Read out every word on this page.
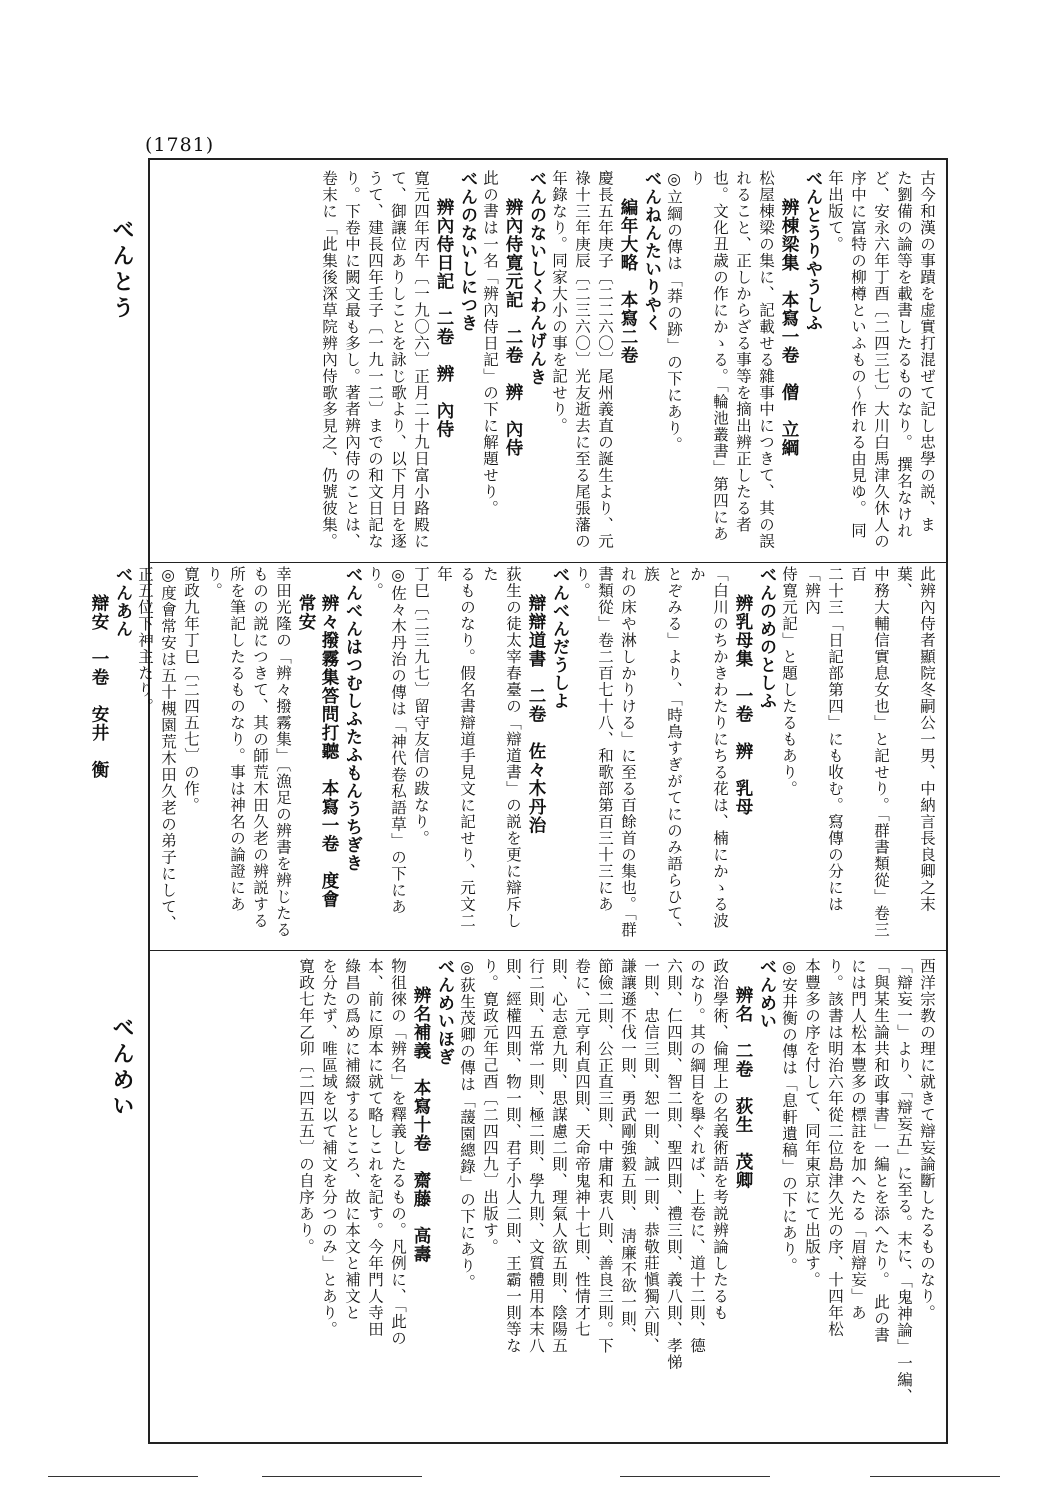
(1781)
べんとう
べんめい

古今和漢の事蹟を虚實打混ぜて記し忠學の説、ま

た劉備の論等を載書したるものなり。 撰名なけれ

ど、安永六年丁酉〔二四三七〕大川白馬津久休人の

序中に富特の柳樽といふもの〜作れる由見ゆ。 同

年出版て。

べんとうりやうしふ

辨棟梁集　本寫一卷　僧　立綱

松屋棟梁の集に、記載せる雜事中につきて、其の誤

れること、正しからざる事等を摘出辨正したる者

也。文化丑歳の作にかゝる。「輪池叢書」第四にあり

◎立綱の傳は「莽の跡」の下にあり。

べんねんたいりやく

編年大略　本寫二卷

慶長五年庚子〔二二六〇〕尾州義直の誕生より、元

祿十三年庚辰〔二三六〇〕光友逝去に至る尾張藩の

年錄なり。同家大小の事を記せり。

べんのないしくわんげんき

辨內侍寛元記　二卷　辨　內侍

此の書は一名「辨內侍日記」の下に解題せり。

べんのないしにつき

辨內侍日記　二卷　辨　內侍

寛元四年丙午〔一九〇六〕正月二十九日富小路殿に

て、御讓位ありしことを詠じ歌より、以下月日を逐

うて、建長四年壬子〔一九一二〕までの和文日記な

り。下卷中に闕文最も多し。著者辨內侍のことは、

卷末に「此集後深草院辨內侍歌多見之、仍號彼集。

此辨內侍者顯院冬嗣公一男、中納言長良卿之末葉、

中務大輔信實息女也」と記せり。「群書類從」卷三百

二十三「日記部第四」にも收む。寫傳の分には「辨內

侍寛元記」と題したるもあり。

べんのめのとしふ

辨乳母集　一卷　辨　乳母

「白川のちかきわたりにちる花は、楠にかゝる波か

とぞみる」より、「時鳥すぎがてにのみ語らひて、族

れの床や淋しかりける」に至る百餘首の集也。「群

書類從」卷二百七十八、和歌部第百三十三にあり。

べんべんだうしよ

辯辯道書　二卷　佐々木丹治

荻生の徒太宰春臺の「辯道書」の説を更に辯斥した

るものなり。假名書辯道手見文に記せり、元文二年

丁巳〔二三九七〕留守友信の跋なり。

◎佐々木丹治の傳は「神代卷私語草」の下にあり。

べんべんはつむしふたふもんうちぎき

辨々撥霧集答問打聽　本寫一卷　度會　常安

幸田光隆の「辨々撥霧集」〔漁足の辨書を辨じたる

ものの説につきて、其の師荒木田久老の辨説する

所を筆記したるものなり。事は神名の論證にあり。

寛政九年丁巳〔二四五七〕の作。

◎度會常安は五十槻園荒木田久老の弟子にして、

正五位下神主たり。

べんあん

辯安　一卷　安井　衡

西洋宗教の理に就きて辯妄論斷したるものなり。

「辯妄一」より、「辯妄五」に至る。末に、「鬼神論」一編、

「與某生論共和政事書」一編とを添へたり。 此の書

には門人松本豐多の標註を加へたる「眉辯妄」あ

り。該書は明治六年從二位島津久光の序、十四年松

本豐多の序を付して、同年東京にて出版す。

◎安井衡の傳は「息軒遺稿」の下にあり。

べんめい

辨名　二卷　荻生　茂卿

政治學術、倫理上の名義術語を考説辨論したるも

のなり。其の綱目を擧ぐれば、上卷に、道十二則、德

六則、仁四則、智二則、聖四則、禮三則、義八則、孝悌

一則、忠信三則、恕一則、誠一則、恭敬莊愼獨六則、

謙讓遜不伐一則、勇武剛強毅五則、 淸廉不欲一則、

節儉二則、公正直三則、中庸和衷八則、善良三則。下

卷に、元亨利貞四則、天命帝鬼神十七則、性情才七

則、心志意九則、思謀慮二則、理氣人欲五則、陰陽五

行二則、五常一則、極二則、學九則、文質體用本末八

則、經權四則、物一則、君子小人二則、王霸一則等な

り。寛政元年己酉〔二四四九〕出版す。

◎荻生茂卿の傳は「蘐園總錄」の下にあり。

べんめいほぎ

辨名補義　本寫十卷　齋藤　高壽

物徂徠の「辨名」を釋義したるもの。凡例に、「此の

本、前に原本に就て略しこれを記す。今年門人寺田

綠昌の爲めに補綴するところ、故に本文と補文と

を分たず、唯區域を以て補文を分つのみ」とあり。

寛政七年乙卯〔二四五五〕の自序あり。
